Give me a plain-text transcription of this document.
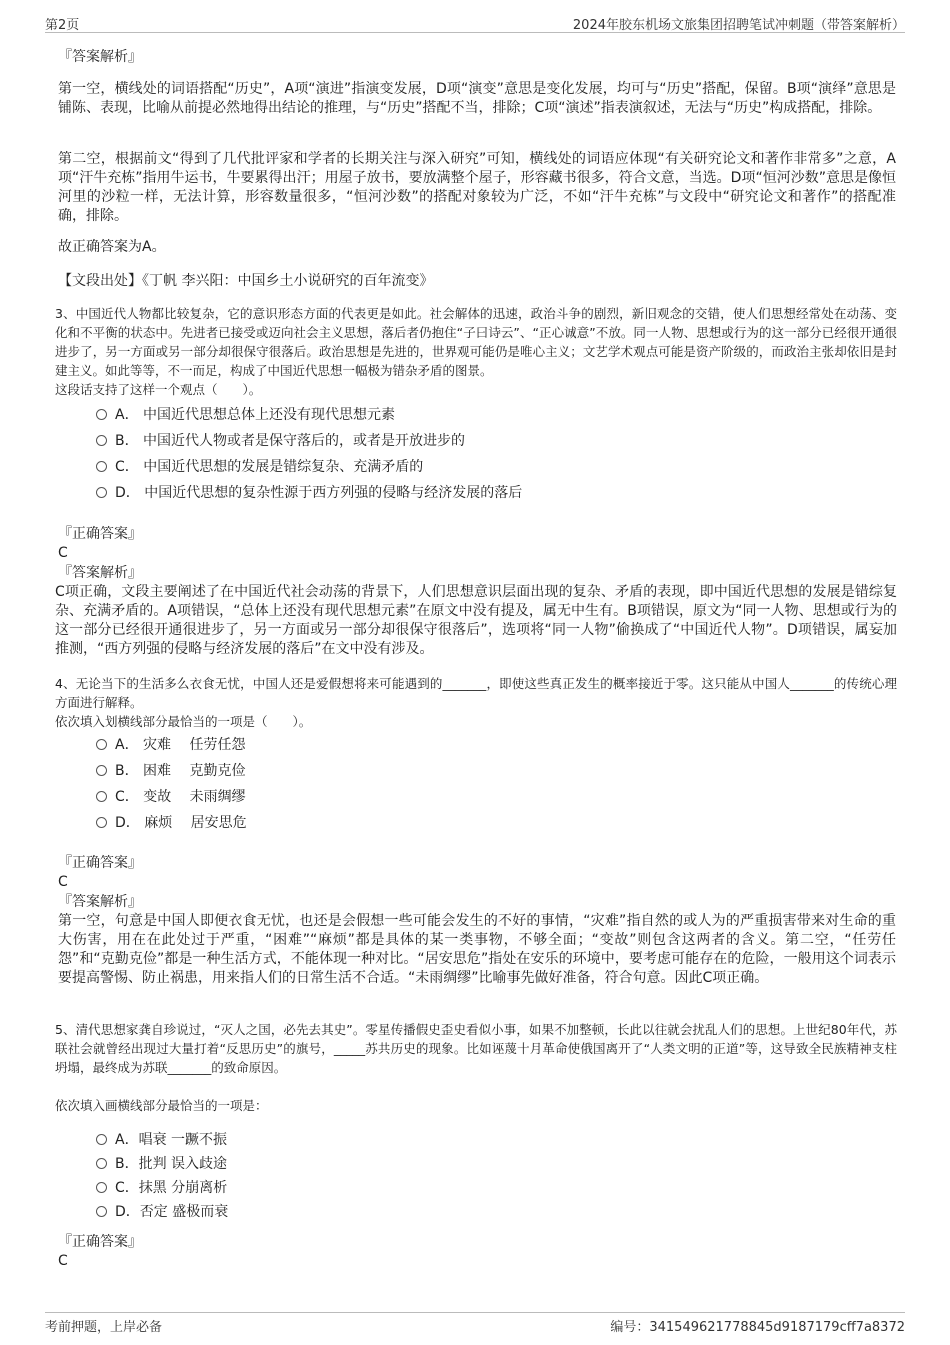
第2页	2024年胶东机场文旅集团招聘笔试冲刺题（带答案解析）
『答案解析』

第一空，横线处的词语搭配“历史”，A项“演进”指演变发展，D项“演变”意思是变化发展，均可与“历史”搭配，保留。B项“演绎”意思是铺陈、表现，比喻从前提必然地得出结论的推理，与“历史”搭配不当，排除；C项“演述”指表演叙述，无法与“历史”构成搭配，排除。

第二空，根据前文“得到了几代批评家和学者的长期关注与深入研究”可知，横线处的词语应体现“有关研究论文和著作非常多”之意，A项“汗牛充栋”指用牛运书，牛要累得出汗；用屋子放书，要放满整个屋子，形容藏书很多，符合文意，当选。D项“恒河沙数”意思是像恒河里的沙粒一样，无法计算，形容数量很多，“恒河沙数”的搭配对象较为广泛，不如“汗牛充栋”与文段中“研究论文和著作”的搭配准确，排除。

故正确答案为A。

【文段出处】《丁帆 李兴阳：中国乡土小说研究的百年流变》

3、中国近代人物都比较复杂，它的意识形态方面的代表更是如此。社会解体的迅速，政治斗争的剧烈，新旧观念的交错，使人们思想经常处在动荡、变化和不平衡的状态中。先进者已接受或迈向社会主义思想，落后者仍抱住“子曰诗云”、“正心诚意”不放。同一人物、思想或行为的这一部分已经很开通很进步了，另一方面或另一部分却很保守很落后。政治思想是先进的，世界观可能仍是唯心主义；文艺学术观点可能是资产阶级的，而政治主张却依旧是封建主义。如此等等，不一而足，构成了中国近代思想一幅极为错杂矛盾的图景。

这段话支持了这样一个观点（　　）。

A． 中国近代思想总体上还没有现代思想元素
B． 中国近代人物或者是保守落后的，或者是开放进步的
C． 中国近代思想的发展是错综复杂、充满矛盾的
D． 中国近代思想的复杂性源于西方列强的侵略与经济发展的落后
『正确答案』
C
『答案解析』

C项正确，文段主要阐述了在中国近代社会动荡的背景下，人们思想意识层面出现的复杂、矛盾的表现，即中国近代思想的发展是错综复杂、充满矛盾的。A项错误，“总体上还没有现代思想元素”在原文中没有提及，属无中生有。B项错误，原文为“同一人物、思想或行为的这一部分已经很开通很进步了，另一方面或另一部分却很保守很落后”，选项将“同一人物”偷换成了“中国近代人物”。D项错误，属妄加推测，“西方列强的侵略与经济发展的落后”在文中没有涉及。

4、无论当下的生活多么衣食无忧，中国人还是爱假想将来可能遇到的_______，即使这些真正发生的概率接近于零。这只能从中国人_______的传统心理方面进行解释。

依次填入划横线部分最恰当的一项是（　　）。

A． 灾难　 任劳任怨
B． 困难　 克勤克俭
C． 变故　 未雨绸缪
D． 麻烦　 居安思危
『正确答案』
C
『答案解析』

第一空，句意是中国人即便衣食无忧，也还是会假想一些可能会发生的不好的事情，“灾难”指自然的或人为的严重损害带来对生命的重大伤害，用在在此处过于严重，“困难”“麻烦”都是具体的某一类事物，不够全面；“变故”则包含这两者的含义。第二空，“任劳任怨”和“克勤克俭”都是一种生活方式，不能体现一种对比。“居安思危”指处在安乐的环境中，要考虑可能存在的危险，一般用这个词表示要提高警惕、防止祸患，用来指人们的日常生活不合适。“未雨绸缪”比喻事先做好准备，符合句意。因此C项正确。

5、清代思想家龚自珍说过，“灭人之国，必先去其史”。零星传播假史歪史看似小事，如果不加整顿，长此以往就会扰乱人们的思想。上世纪80年代，苏联社会就曾经出现过大量打着“反思历史”的旗号，_____苏共历史的现象。比如诬蔑十月革命使俄国离开了“人类文明的正道”等，这导致全民族精神支柱坍塌，最终成为苏联_______的致命原因。

依次填入画横线部分最恰当的一项是：

A．唱衰 一蹶不振
B．批判 误入歧途
C．抹黑 分崩离析
D．否定 盛极而衰
『正确答案』
C
考前押题，上岸必备	编号：341549621778845d9187179cff7a8372
